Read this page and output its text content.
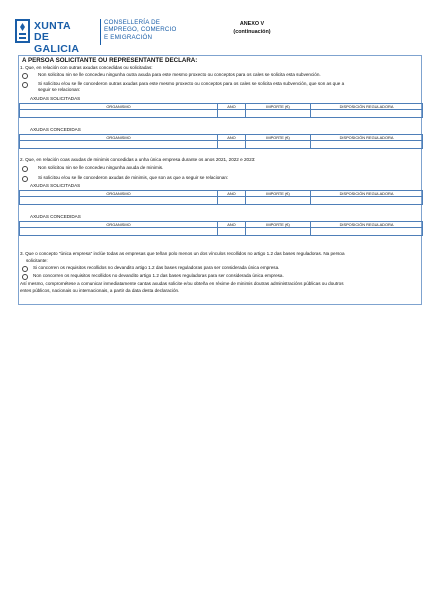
XUNTA
DE GALICIA
CONSELLERÍA DE
EMPREGO, COMERCIO
E EMIGRACIÓN
ANEXO V
(continuación)
A PERSOA SOLICITANTE OU REPRESENTANTE DECLARA:
1. Que, en relación con outras axudas concedidas ou solicitadas:
Non solicitou nin se lle concedeu ningunha outra axuda para este mesmo proxecto ou conceptos para os cales se solicita esta subvención.
Si solicitou e/ou se lle concederon outras axudas para este mesmo proxecto ou conceptos para os cales se solicita esta subvención, que son as que a
seguir se relacionan:
AXUDAS SOLICITADAS
ORGANISMO	ANO	IMPORTE (€)	DISPOSICIÓN REGULADORA

AXUDAS CONCEDIDAS
ORGANISMO	ANO	IMPORTE (€)	DISPOSICIÓN REGULADORA

2. Que, en relación coas axudas de minimis concedidas a unha única empresa durante os anos 2021, 2022 e 2023:
Non solicitou nin se lle concedeu ningunha axuda de minimis.
Si solicitou e/ou se lle concederon axudas de minimis, que son as que a seguir se relacionan:
AXUDAS SOLICITADAS
ORGANISMO	ANO	IMPORTE (€)	DISPOSICIÓN REGULADORA

AXUDAS CONCEDIDAS
ORGANISMO	ANO	IMPORTE (€)	DISPOSICIÓN REGULADORA

3. Que o concepto "única empresa" inclúe todas as empresas que teñan polo menos un dos vínculos recollidos no artigo 1.2 das bases reguladoras. Na persoa
solicitante:
Si concorren os requisitos recollidos no devandito artigo 1.2 das bases reguladoras para ser considerada única empresa.
Non concorren os requisitos recollidos no devandito artigo 1.2 das bases reguladoras para ser considerada única empresa.
Así mesmo, comprométese a comunicar inmediatamente cantas axudas solicite e/ou obteña en réxime de minimis doutras administracións públicas ou doutros
entes públicos, nacionais ou internacionais, a partir da data desta declaración.
